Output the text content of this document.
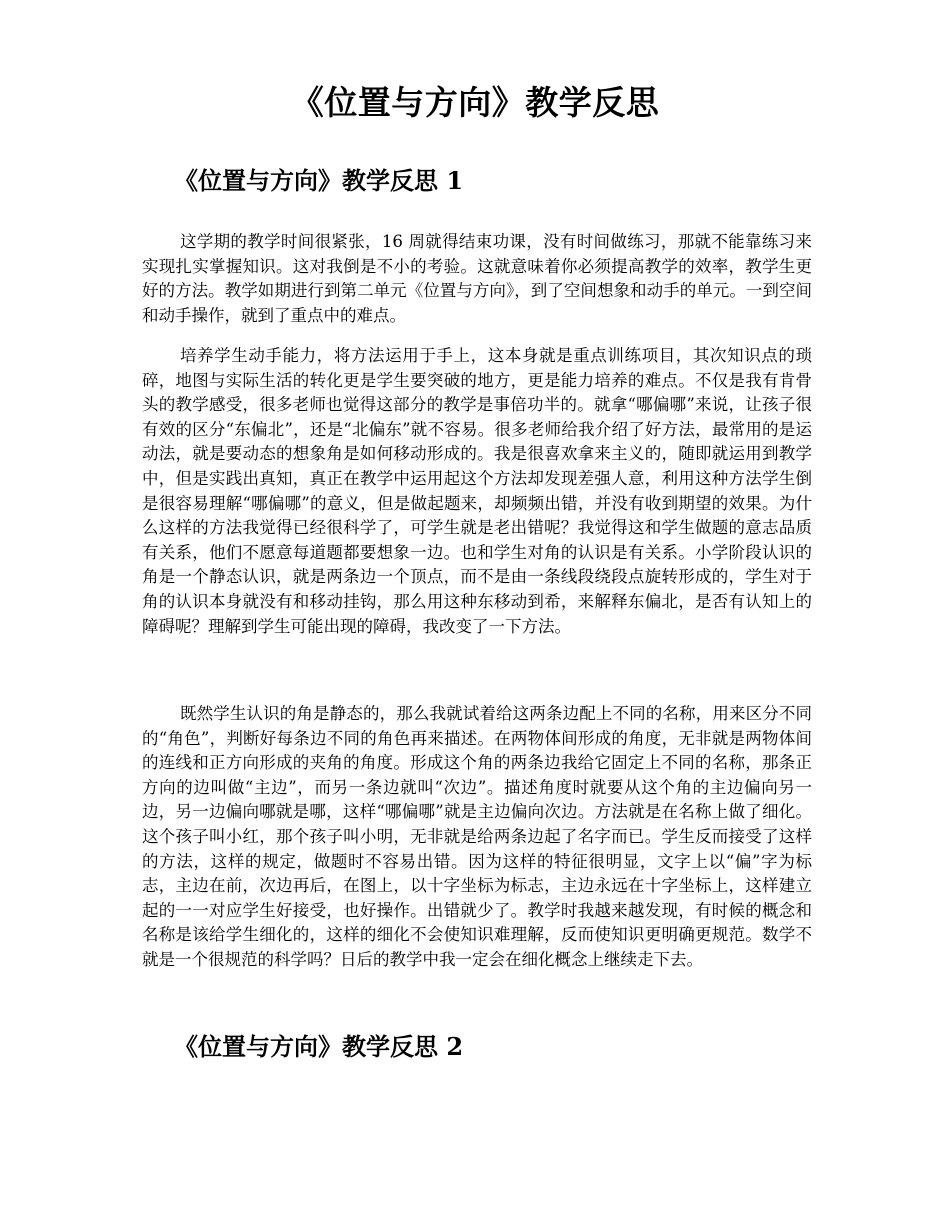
《位置与方向》教学反思
《位置与方向》教学反思 1

这学期的教学时间很紧张，16 周就得结束功课，没有时间做练习，那就不能靠练习来实现扎实掌握知识。这对我倒是不小的考验。这就意味着你必须提高教学的效率，教学生更好的方法。教学如期进行到第二单元《位置与方向》，到了空间想象和动手的单元。一到空间和动手操作，就到了重点中的难点。

培养学生动手能力，将方法运用于手上，这本身就是重点训练项目，其次知识点的琐碎，地图与实际生活的转化更是学生要突破的地方，更是能力培养的难点。不仅是我有肯骨头的教学感受，很多老师也觉得这部分的教学是事倍功半的。就拿“哪偏哪”来说，让孩子很有效的区分“东偏北”，还是“北偏东”就不容易。很多老师给我介绍了好方法，最常用的是运动法，就是要动态的想象角是如何移动形成的。我是很喜欢拿来主义的，随即就运用到教学中，但是实践出真知，真正在教学中运用起这个方法却发现差强人意，利用这种方法学生倒是很容易理解“哪偏哪”的意义，但是做起题来，却频频出错，并没有收到期望的效果。为什么这样的方法我觉得已经很科学了，可学生就是老出错呢？我觉得这和学生做题的意志品质有关系，他们不愿意每道题都要想象一边。也和学生对角的认识是有关系。小学阶段认识的角是一个静态认识，就是两条边一个顶点，而不是由一条线段绕段点旋转形成的，学生对于角的认识本身就没有和移动挂钩，那么用这种东移动到希，来解释东偏北，是否有认知上的障碍呢？理解到学生可能出现的障碍，我改变了一下方法。

既然学生认识的角是静态的，那么我就试着给这两条边配上不同的名称，用来区分不同的“角色”，判断好每条边不同的角色再来描述。在两物体间形成的角度，无非就是两物体间的连线和正方向形成的夹角的角度。形成这个角的两条边我给它固定上不同的名称，那条正方向的边叫做“主边”，而另一条边就叫“次边”。描述角度时就要从这个角的主边偏向另一边，另一边偏向哪就是哪，这样“哪偏哪”就是主边偏向次边。方法就是在名称上做了细化。这个孩子叫小红，那个孩子叫小明，无非就是给两条边起了名字而已。学生反而接受了这样的方法，这样的规定，做题时不容易出错。因为这样的特征很明显，文字上以“偏”字为标志，主边在前，次边再后，在图上，以十字坐标为标志，主边永远在十字坐标上，这样建立起的一一对应学生好接受，也好操作。出错就少了。教学时我越来越发现，有时候的概念和名称是该给学生细化的，这样的细化不会使知识难理解，反而使知识更明确更规范。数学不就是一个很规范的科学吗？日后的教学中我一定会在细化概念上继续走下去。

《位置与方向》教学反思 2
